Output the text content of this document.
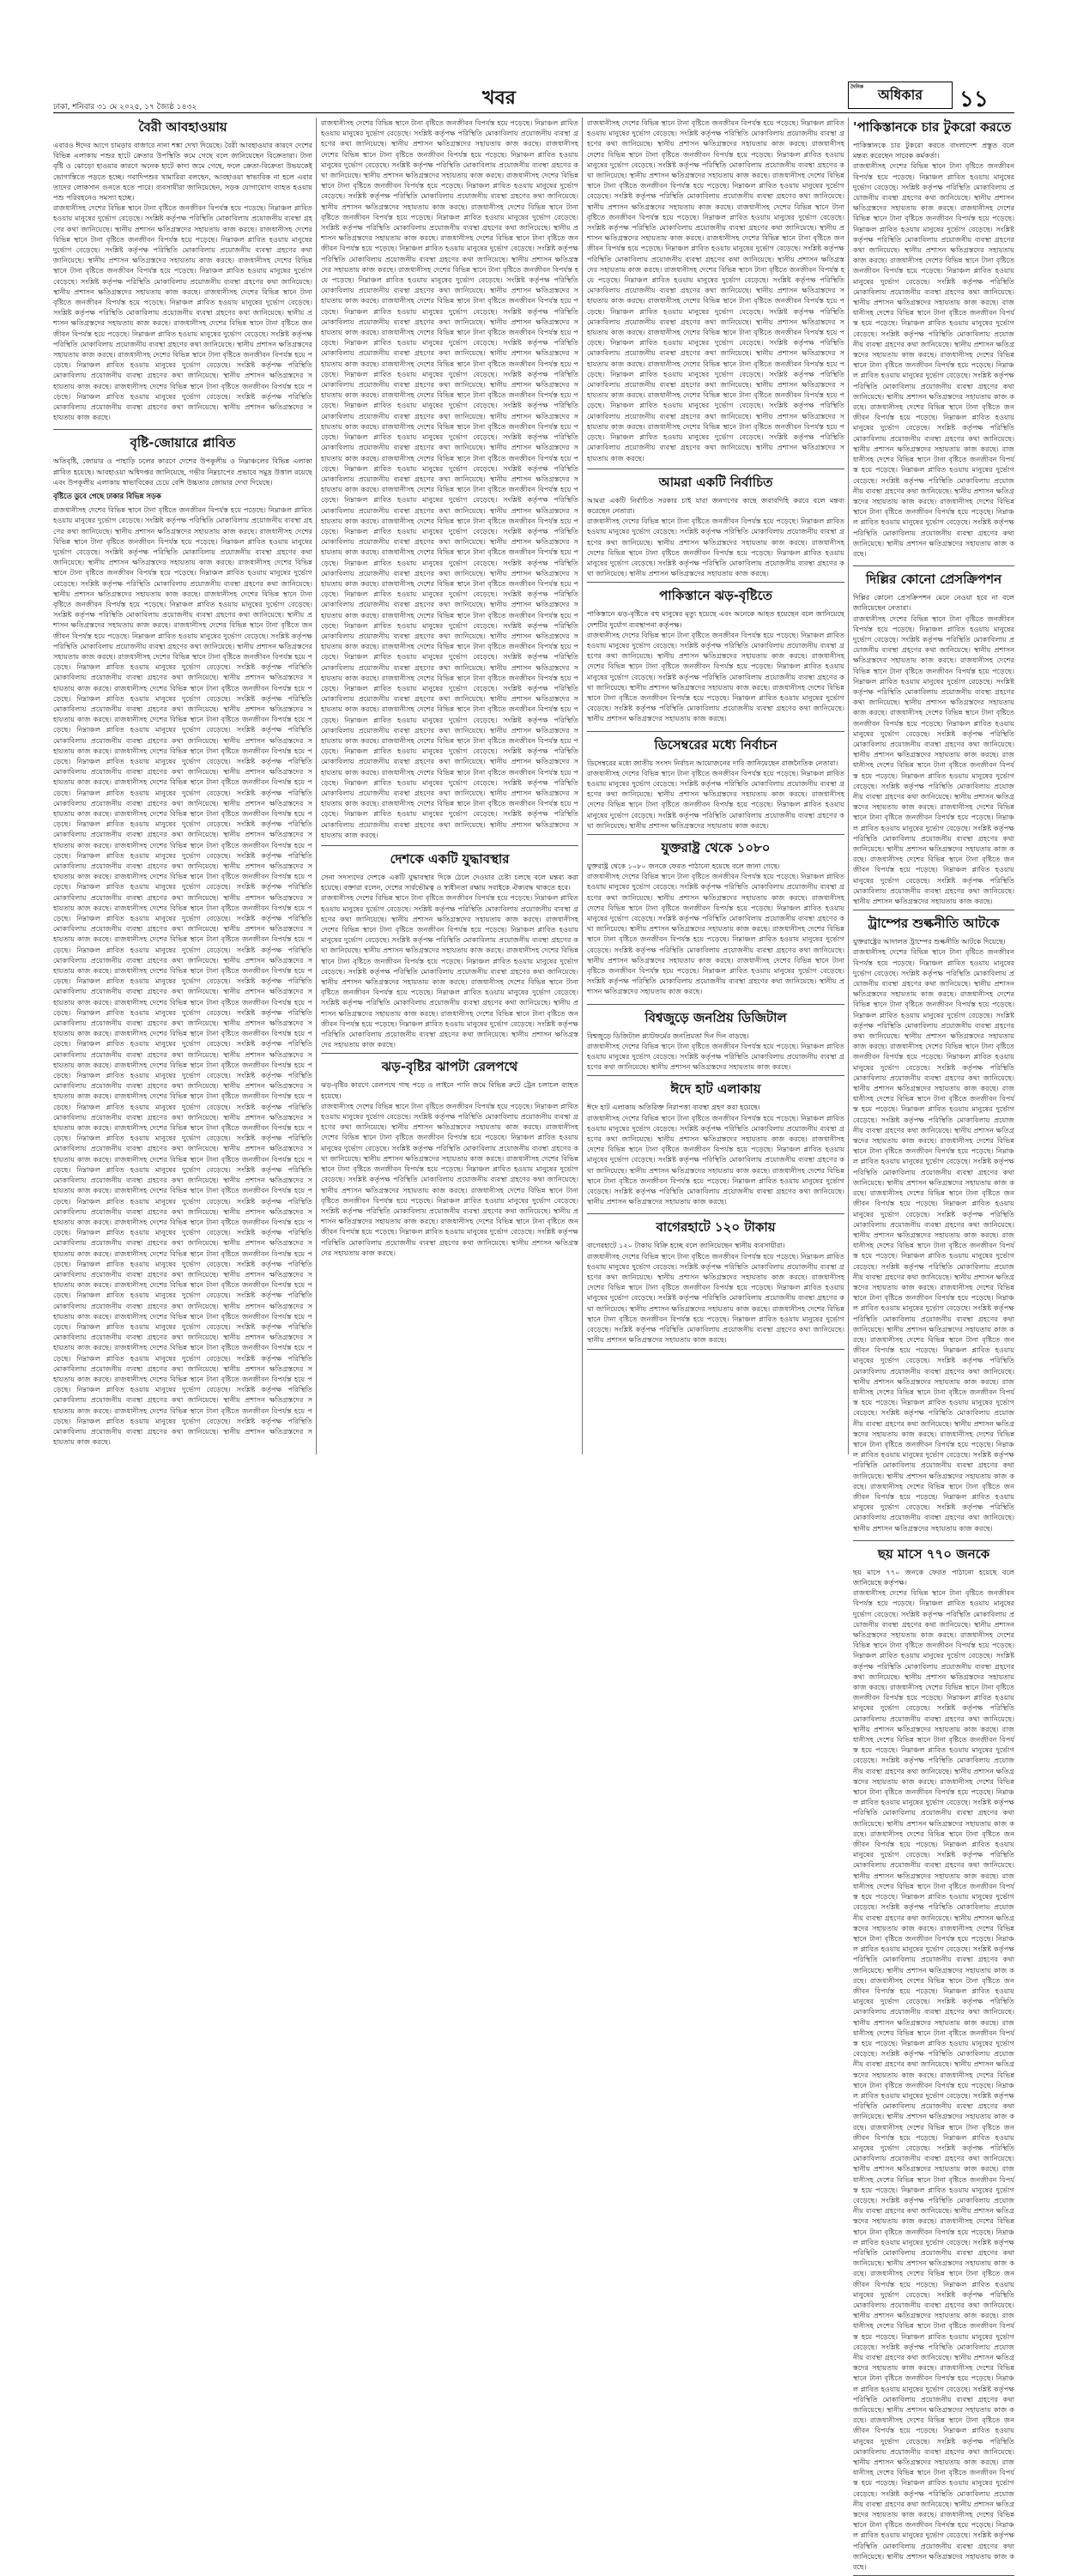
ঢাকা, শনিবার ৩১ মে ২০২৫, ১৭ জ্যৈষ্ঠ ১৪৩২	খবর
দৈনিক অধিকার ১১
বৈরী আবহাওয়ায়

এবারও ঈদের আগে চামড়ার বাজারে নানা শঙ্কা দেখা দিয়েছে। বৈরী আবহাওয়ার কারণে দেশের বিভিন্ন এলাকায় পশুর হাটে ক্রেতার উপস্থিতি কমে গেছে বলে জানিয়েছেন বিক্রেতারা। টানা বৃষ্টি ও ঝোড়ো হাওয়ার কারণে অনেক হাটে কাদা জমে গেছে, ফলে ক্রেতা-বিক্রেতা উভয়কেই ভোগান্তিতে পড়তে হচ্ছে। গবাদিপশুর খামারিরা বলছেন, আবহাওয়া স্বাভাবিক না হলে এবার তাদের লোকসান গুনতে হতে পারে। ব্যবসায়ীরা জানিয়েছেন, সড়ক যোগাযোগ ব্যাহত হওয়ায় পশু পরিবহনেও সমস্যা হচ্ছে।

রাজধানীসহ দেশের বিভিন্ন স্থানে টানা বৃষ্টিতে জনজীবন বিপর্যস্ত হয়ে পড়েছে। নিম্নাঞ্চল প্লাবিত হওয়ায় মানুষের দুর্ভোগ বেড়েছে। সংশ্লিষ্ট কর্তৃপক্ষ পরিস্থিতি মোকাবিলায় প্রয়োজনীয় ব্যবস্থা গ্রহণের কথা জানিয়েছে। স্থানীয় প্রশাসন ক্ষতিগ্রস্তদের সহায়তায় কাজ করছে। রাজধানীসহ দেশের বিভিন্ন স্থানে টানা বৃষ্টিতে জনজীবন বিপর্যস্ত হয়ে পড়েছে। নিম্নাঞ্চল প্লাবিত হওয়ায় মানুষের দুর্ভোগ বেড়েছে। সংশ্লিষ্ট কর্তৃপক্ষ পরিস্থিতি মোকাবিলায় প্রয়োজনীয় ব্যবস্থা গ্রহণের কথা জানিয়েছে। স্থানীয় প্রশাসন ক্ষতিগ্রস্তদের সহায়তায় কাজ করছে। রাজধানীসহ দেশের বিভিন্ন স্থানে টানা বৃষ্টিতে জনজীবন বিপর্যস্ত হয়ে পড়েছে। নিম্নাঞ্চল প্লাবিত হওয়ায় মানুষের দুর্ভোগ বেড়েছে। সংশ্লিষ্ট কর্তৃপক্ষ পরিস্থিতি মোকাবিলায় প্রয়োজনীয় ব্যবস্থা গ্রহণের কথা জানিয়েছে। স্থানীয় প্রশাসন ক্ষতিগ্রস্তদের সহায়তায় কাজ করছে। রাজধানীসহ দেশের বিভিন্ন স্থানে টানা বৃষ্টিতে জনজীবন বিপর্যস্ত হয়ে পড়েছে। নিম্নাঞ্চল প্লাবিত হওয়ায় মানুষের দুর্ভোগ বেড়েছে। সংশ্লিষ্ট কর্তৃপক্ষ পরিস্থিতি মোকাবিলায় প্রয়োজনীয় ব্যবস্থা গ্রহণের কথা জানিয়েছে। স্থানীয় প্রশাসন ক্ষতিগ্রস্তদের সহায়তায় কাজ করছে। রাজধানীসহ দেশের বিভিন্ন স্থানে টানা বৃষ্টিতে জনজীবন বিপর্যস্ত হয়ে পড়েছে। নিম্নাঞ্চল প্লাবিত হওয়ায় মানুষের দুর্ভোগ বেড়েছে। সংশ্লিষ্ট কর্তৃপক্ষ পরিস্থিতি মোকাবিলায় প্রয়োজনীয় ব্যবস্থা গ্রহণের কথা জানিয়েছে। স্থানীয় প্রশাসন ক্ষতিগ্রস্তদের সহায়তায় কাজ করছে। রাজধানীসহ দেশের বিভিন্ন স্থানে টানা বৃষ্টিতে জনজীবন বিপর্যস্ত হয়ে পড়েছে। নিম্নাঞ্চল প্লাবিত হওয়ায় মানুষের দুর্ভোগ বেড়েছে। সংশ্লিষ্ট কর্তৃপক্ষ পরিস্থিতি মোকাবিলায় প্রয়োজনীয় ব্যবস্থা গ্রহণের কথা জানিয়েছে। স্থানীয় প্রশাসন ক্ষতিগ্রস্তদের সহায়তায় কাজ করছে। রাজধানীসহ দেশের বিভিন্ন স্থানে টানা বৃষ্টিতে জনজীবন বিপর্যস্ত হয়ে পড়েছে। নিম্নাঞ্চল প্লাবিত হওয়ায় মানুষের দুর্ভোগ বেড়েছে। সংশ্লিষ্ট কর্তৃপক্ষ পরিস্থিতি মোকাবিলায় প্রয়োজনীয় ব্যবস্থা গ্রহণের কথা জানিয়েছে। স্থানীয় প্রশাসন ক্ষতিগ্রস্তদের সহায়তায় কাজ করছে।
বৃষ্টি-জোয়ারে প্লাবিত

অতিবৃষ্টি, জোয়ার ও পাহাড়ি ঢলের কারণে দেশের উপকূলীয় ও নিম্নাঞ্চলের বিভিন্ন এলাকা প্লাবিত হয়েছে। আবহাওয়া অধিদপ্তর জানিয়েছে, গভীর নিম্নচাপের প্রভাবে সমুদ্র উত্তাল রয়েছে এবং উপকূলীয় এলাকায় স্বাভাবিকের চেয়ে বেশি উচ্চতার জোয়ার দেখা দিয়েছে।

বৃষ্টিতে ডুবে গেছে ঢাকার বিভিন্ন সড়ক
রাজধানীসহ দেশের বিভিন্ন স্থানে টানা বৃষ্টিতে জনজীবন বিপর্যস্ত হয়ে পড়েছে। নিম্নাঞ্চল প্লাবিত হওয়ায় মানুষের দুর্ভোগ বেড়েছে। সংশ্লিষ্ট কর্তৃপক্ষ পরিস্থিতি মোকাবিলায় প্রয়োজনীয় ব্যবস্থা গ্রহণের কথা জানিয়েছে। স্থানীয় প্রশাসন ক্ষতিগ্রস্তদের সহায়তায় কাজ করছে। রাজধানীসহ দেশের বিভিন্ন স্থানে টানা বৃষ্টিতে জনজীবন বিপর্যস্ত হয়ে পড়েছে। নিম্নাঞ্চল প্লাবিত হওয়ায় মানুষের দুর্ভোগ বেড়েছে। সংশ্লিষ্ট কর্তৃপক্ষ পরিস্থিতি মোকাবিলায় প্রয়োজনীয় ব্যবস্থা গ্রহণের কথা জানিয়েছে। স্থানীয় প্রশাসন ক্ষতিগ্রস্তদের সহায়তায় কাজ করছে। রাজধানীসহ দেশের বিভিন্ন স্থানে টানা বৃষ্টিতে জনজীবন বিপর্যস্ত হয়ে পড়েছে। নিম্নাঞ্চল প্লাবিত হওয়ায় মানুষের দুর্ভোগ বেড়েছে। সংশ্লিষ্ট কর্তৃপক্ষ পরিস্থিতি মোকাবিলায় প্রয়োজনীয় ব্যবস্থা গ্রহণের কথা জানিয়েছে। স্থানীয় প্রশাসন ক্ষতিগ্রস্তদের সহায়তায় কাজ করছে। রাজধানীসহ দেশের বিভিন্ন স্থানে টানা বৃষ্টিতে জনজীবন বিপর্যস্ত হয়ে পড়েছে। নিম্নাঞ্চল প্লাবিত হওয়ায় মানুষের দুর্ভোগ বেড়েছে। সংশ্লিষ্ট কর্তৃপক্ষ পরিস্থিতি মোকাবিলায় প্রয়োজনীয় ব্যবস্থা গ্রহণের কথা জানিয়েছে। স্থানীয় প্রশাসন ক্ষতিগ্রস্তদের সহায়তায় কাজ করছে। রাজধানীসহ দেশের বিভিন্ন স্থানে টানা বৃষ্টিতে জনজীবন বিপর্যস্ত হয়ে পড়েছে। নিম্নাঞ্চল প্লাবিত হওয়ায় মানুষের দুর্ভোগ বেড়েছে। সংশ্লিষ্ট কর্তৃপক্ষ পরিস্থিতি মোকাবিলায় প্রয়োজনীয় ব্যবস্থা গ্রহণের কথা জানিয়েছে। স্থানীয় প্রশাসন ক্ষতিগ্রস্তদের সহায়তায় কাজ করছে। রাজধানীসহ দেশের বিভিন্ন স্থানে টানা বৃষ্টিতে জনজীবন বিপর্যস্ত হয়ে পড়েছে। নিম্নাঞ্চল প্লাবিত হওয়ায় মানুষের দুর্ভোগ বেড়েছে। সংশ্লিষ্ট কর্তৃপক্ষ পরিস্থিতি মোকাবিলায় প্রয়োজনীয় ব্যবস্থা গ্রহণের কথা জানিয়েছে। স্থানীয় প্রশাসন ক্ষতিগ্রস্তদের সহায়তায় কাজ করছে। রাজধানীসহ দেশের বিভিন্ন স্থানে টানা বৃষ্টিতে জনজীবন বিপর্যস্ত হয়ে পড়েছে। নিম্নাঞ্চল প্লাবিত হওয়ায় মানুষের দুর্ভোগ বেড়েছে। সংশ্লিষ্ট কর্তৃপক্ষ পরিস্থিতি মোকাবিলায় প্রয়োজনীয় ব্যবস্থা গ্রহণের কথা জানিয়েছে। স্থানীয় প্রশাসন ক্ষতিগ্রস্তদের সহায়তায় কাজ করছে। রাজধানীসহ দেশের বিভিন্ন স্থানে টানা বৃষ্টিতে জনজীবন বিপর্যস্ত হয়ে পড়েছে। নিম্নাঞ্চল প্লাবিত হওয়ায় মানুষের দুর্ভোগ বেড়েছে। সংশ্লিষ্ট কর্তৃপক্ষ পরিস্থিতি মোকাবিলায় প্রয়োজনীয় ব্যবস্থা গ্রহণের কথা জানিয়েছে। স্থানীয় প্রশাসন ক্ষতিগ্রস্তদের সহায়তায় কাজ করছে। রাজধানীসহ দেশের বিভিন্ন স্থানে টানা বৃষ্টিতে জনজীবন বিপর্যস্ত হয়ে পড়েছে। নিম্নাঞ্চল প্লাবিত হওয়ায় মানুষের দুর্ভোগ বেড়েছে। সংশ্লিষ্ট কর্তৃপক্ষ পরিস্থিতি মোকাবিলায় প্রয়োজনীয় ব্যবস্থা গ্রহণের কথা জানিয়েছে। স্থানীয় প্রশাসন ক্ষতিগ্রস্তদের সহায়তায় কাজ করছে। রাজধানীসহ দেশের বিভিন্ন স্থানে টানা বৃষ্টিতে জনজীবন বিপর্যস্ত হয়ে পড়েছে। নিম্নাঞ্চল প্লাবিত হওয়ায় মানুষের দুর্ভোগ বেড়েছে। সংশ্লিষ্ট কর্তৃপক্ষ পরিস্থিতি মোকাবিলায় প্রয়োজনীয় ব্যবস্থা গ্রহণের কথা জানিয়েছে। স্থানীয় প্রশাসন ক্ষতিগ্রস্তদের সহায়তায় কাজ করছে। রাজধানীসহ দেশের বিভিন্ন স্থানে টানা বৃষ্টিতে জনজীবন বিপর্যস্ত হয়ে পড়েছে। নিম্নাঞ্চল প্লাবিত হওয়ায় মানুষের দুর্ভোগ বেড়েছে। সংশ্লিষ্ট কর্তৃপক্ষ পরিস্থিতি মোকাবিলায় প্রয়োজনীয় ব্যবস্থা গ্রহণের কথা জানিয়েছে। স্থানীয় প্রশাসন ক্ষতিগ্রস্তদের সহায়তায় কাজ করছে। রাজধানীসহ দেশের বিভিন্ন স্থানে টানা বৃষ্টিতে জনজীবন বিপর্যস্ত হয়ে পড়েছে। নিম্নাঞ্চল প্লাবিত হওয়ায় মানুষের দুর্ভোগ বেড়েছে। সংশ্লিষ্ট কর্তৃপক্ষ পরিস্থিতি মোকাবিলায় প্রয়োজনীয় ব্যবস্থা গ্রহণের কথা জানিয়েছে। স্থানীয় প্রশাসন ক্ষতিগ্রস্তদের সহায়তায় কাজ করছে। রাজধানীসহ দেশের বিভিন্ন স্থানে টানা বৃষ্টিতে জনজীবন বিপর্যস্ত হয়ে পড়েছে। নিম্নাঞ্চল প্লাবিত হওয়ায় মানুষের দুর্ভোগ বেড়েছে। সংশ্লিষ্ট কর্তৃপক্ষ পরিস্থিতি মোকাবিলায় প্রয়োজনীয় ব্যবস্থা গ্রহণের কথা জানিয়েছে। স্থানীয় প্রশাসন ক্ষতিগ্রস্তদের সহায়তায় কাজ করছে। রাজধানীসহ দেশের বিভিন্ন স্থানে টানা বৃষ্টিতে জনজীবন বিপর্যস্ত হয়ে পড়েছে। নিম্নাঞ্চল প্লাবিত হওয়ায় মানুষের দুর্ভোগ বেড়েছে। সংশ্লিষ্ট কর্তৃপক্ষ পরিস্থিতি মোকাবিলায় প্রয়োজনীয় ব্যবস্থা গ্রহণের কথা জানিয়েছে। স্থানীয় প্রশাসন ক্ষতিগ্রস্তদের সহায়তায় কাজ করছে। রাজধানীসহ দেশের বিভিন্ন স্থানে টানা বৃষ্টিতে জনজীবন বিপর্যস্ত হয়ে পড়েছে। নিম্নাঞ্চল প্লাবিত হওয়ায় মানুষের দুর্ভোগ বেড়েছে। সংশ্লিষ্ট কর্তৃপক্ষ পরিস্থিতি মোকাবিলায় প্রয়োজনীয় ব্যবস্থা গ্রহণের কথা জানিয়েছে। স্থানীয় প্রশাসন ক্ষতিগ্রস্তদের সহায়তায় কাজ করছে। রাজধানীসহ দেশের বিভিন্ন স্থানে টানা বৃষ্টিতে জনজীবন বিপর্যস্ত হয়ে পড়েছে। নিম্নাঞ্চল প্লাবিত হওয়ায় মানুষের দুর্ভোগ বেড়েছে। সংশ্লিষ্ট কর্তৃপক্ষ পরিস্থিতি মোকাবিলায় প্রয়োজনীয় ব্যবস্থা গ্রহণের কথা জানিয়েছে। স্থানীয় প্রশাসন ক্ষতিগ্রস্তদের সহায়তায় কাজ করছে। রাজধানীসহ দেশের বিভিন্ন স্থানে টানা বৃষ্টিতে জনজীবন বিপর্যস্ত হয়ে পড়েছে। নিম্নাঞ্চল প্লাবিত হওয়ায় মানুষের দুর্ভোগ বেড়েছে। সংশ্লিষ্ট কর্তৃপক্ষ পরিস্থিতি মোকাবিলায় প্রয়োজনীয় ব্যবস্থা গ্রহণের কথা জানিয়েছে। স্থানীয় প্রশাসন ক্ষতিগ্রস্তদের সহায়তায় কাজ করছে। রাজধানীসহ দেশের বিভিন্ন স্থানে টানা বৃষ্টিতে জনজীবন বিপর্যস্ত হয়ে পড়েছে। নিম্নাঞ্চল প্লাবিত হওয়ায় মানুষের দুর্ভোগ বেড়েছে। সংশ্লিষ্ট কর্তৃপক্ষ পরিস্থিতি মোকাবিলায় প্রয়োজনীয় ব্যবস্থা গ্রহণের কথা জানিয়েছে। স্থানীয় প্রশাসন ক্ষতিগ্রস্তদের সহায়তায় কাজ করছে। রাজধানীসহ দেশের বিভিন্ন স্থানে টানা বৃষ্টিতে জনজীবন বিপর্যস্ত হয়ে পড়েছে। নিম্নাঞ্চল প্লাবিত হওয়ায় মানুষের দুর্ভোগ বেড়েছে। সংশ্লিষ্ট কর্তৃপক্ষ পরিস্থিতি মোকাবিলায় প্রয়োজনীয় ব্যবস্থা গ্রহণের কথা জানিয়েছে। স্থানীয় প্রশাসন ক্ষতিগ্রস্তদের সহায়তায় কাজ করছে। রাজধানীসহ দেশের বিভিন্ন স্থানে টানা বৃষ্টিতে জনজীবন বিপর্যস্ত হয়ে পড়েছে। নিম্নাঞ্চল প্লাবিত হওয়ায় মানুষের দুর্ভোগ বেড়েছে। সংশ্লিষ্ট কর্তৃপক্ষ পরিস্থিতি মোকাবিলায় প্রয়োজনীয় ব্যবস্থা গ্রহণের কথা জানিয়েছে। স্থানীয় প্রশাসন ক্ষতিগ্রস্তদের সহায়তায় কাজ করছে। রাজধানীসহ দেশের বিভিন্ন স্থানে টানা বৃষ্টিতে জনজীবন বিপর্যস্ত হয়ে পড়েছে। নিম্নাঞ্চল প্লাবিত হওয়ায় মানুষের দুর্ভোগ বেড়েছে। সংশ্লিষ্ট কর্তৃপক্ষ পরিস্থিতি মোকাবিলায় প্রয়োজনীয় ব্যবস্থা গ্রহণের কথা জানিয়েছে। স্থানীয় প্রশাসন ক্ষতিগ্রস্তদের সহায়তায় কাজ করছে। রাজধানীসহ দেশের বিভিন্ন স্থানে টানা বৃষ্টিতে জনজীবন বিপর্যস্ত হয়ে পড়েছে। নিম্নাঞ্চল প্লাবিত হওয়ায় মানুষের দুর্ভোগ বেড়েছে। সংশ্লিষ্ট কর্তৃপক্ষ পরিস্থিতি মোকাবিলায় প্রয়োজনীয় ব্যবস্থা গ্রহণের কথা জানিয়েছে। স্থানীয় প্রশাসন ক্ষতিগ্রস্তদের সহায়তায় কাজ করছে। রাজধানীসহ দেশের বিভিন্ন স্থানে টানা বৃষ্টিতে জনজীবন বিপর্যস্ত হয়ে পড়েছে। নিম্নাঞ্চল প্লাবিত হওয়ায় মানুষের দুর্ভোগ বেড়েছে। সংশ্লিষ্ট কর্তৃপক্ষ পরিস্থিতি মোকাবিলায় প্রয়োজনীয় ব্যবস্থা গ্রহণের কথা জানিয়েছে। স্থানীয় প্রশাসন ক্ষতিগ্রস্তদের সহায়তায় কাজ করছে। রাজধানীসহ দেশের বিভিন্ন স্থানে টানা বৃষ্টিতে জনজীবন বিপর্যস্ত হয়ে পড়েছে। নিম্নাঞ্চল প্লাবিত হওয়ায় মানুষের দুর্ভোগ বেড়েছে। সংশ্লিষ্ট কর্তৃপক্ষ পরিস্থিতি মোকাবিলায় প্রয়োজনীয় ব্যবস্থা গ্রহণের কথা জানিয়েছে। স্থানীয় প্রশাসন ক্ষতিগ্রস্তদের সহায়তায় কাজ করছে। রাজধানীসহ দেশের বিভিন্ন স্থানে টানা বৃষ্টিতে জনজীবন বিপর্যস্ত হয়ে পড়েছে। নিম্নাঞ্চল প্লাবিত হওয়ায় মানুষের দুর্ভোগ বেড়েছে। সংশ্লিষ্ট কর্তৃপক্ষ পরিস্থিতি মোকাবিলায় প্রয়োজনীয় ব্যবস্থা গ্রহণের কথা জানিয়েছে। স্থানীয় প্রশাসন ক্ষতিগ্রস্তদের সহায়তায় কাজ করছে। রাজধানীসহ দেশের বিভিন্ন স্থানে টানা বৃষ্টিতে জনজীবন বিপর্যস্ত হয়ে পড়েছে। নিম্নাঞ্চল প্লাবিত হওয়ায় মানুষের দুর্ভোগ বেড়েছে। সংশ্লিষ্ট কর্তৃপক্ষ পরিস্থিতি মোকাবিলায় প্রয়োজনীয় ব্যবস্থা গ্রহণের কথা জানিয়েছে। স্থানীয় প্রশাসন ক্ষতিগ্রস্তদের সহায়তায় কাজ করছে। রাজধানীসহ দেশের বিভিন্ন স্থানে টানা বৃষ্টিতে জনজীবন বিপর্যস্ত হয়ে পড়েছে। নিম্নাঞ্চল প্লাবিত হওয়ায় মানুষের দুর্ভোগ বেড়েছে। সংশ্লিষ্ট কর্তৃপক্ষ পরিস্থিতি মোকাবিলায় প্রয়োজনীয় ব্যবস্থা গ্রহণের কথা জানিয়েছে। স্থানীয় প্রশাসন ক্ষতিগ্রস্তদের সহায়তায় কাজ করছে। রাজধানীসহ দেশের বিভিন্ন স্থানে টানা বৃষ্টিতে জনজীবন বিপর্যস্ত হয়ে পড়েছে। নিম্নাঞ্চল প্লাবিত হওয়ায় মানুষের দুর্ভোগ বেড়েছে। সংশ্লিষ্ট কর্তৃপক্ষ পরিস্থিতি মোকাবিলায় প্রয়োজনীয় ব্যবস্থা গ্রহণের কথা জানিয়েছে। স্থানীয় প্রশাসন ক্ষতিগ্রস্তদের সহায়তায় কাজ করছে। রাজধানীসহ দেশের বিভিন্ন স্থানে টানা বৃষ্টিতে জনজীবন বিপর্যস্ত হয়ে পড়েছে। নিম্নাঞ্চল প্লাবিত হওয়ায় মানুষের দুর্ভোগ বেড়েছে। সংশ্লিষ্ট কর্তৃপক্ষ পরিস্থিতি মোকাবিলায় প্রয়োজনীয় ব্যবস্থা গ্রহণের কথা জানিয়েছে। স্থানীয় প্রশাসন ক্ষতিগ্রস্তদের সহায়তায় কাজ করছে। রাজধানীসহ দেশের বিভিন্ন স্থানে টানা বৃষ্টিতে জনজীবন বিপর্যস্ত হয়ে পড়েছে। নিম্নাঞ্চল প্লাবিত হওয়ায় মানুষের দুর্ভোগ বেড়েছে। সংশ্লিষ্ট কর্তৃপক্ষ পরিস্থিতি মোকাবিলায় প্রয়োজনীয় ব্যবস্থা গ্রহণের কথা জানিয়েছে। স্থানীয় প্রশাসন ক্ষতিগ্রস্তদের সহায়তায় কাজ করছে।
রাজধানীসহ দেশের বিভিন্ন স্থানে টানা বৃষ্টিতে জনজীবন বিপর্যস্ত হয়ে পড়েছে। নিম্নাঞ্চল প্লাবিত হওয়ায় মানুষের দুর্ভোগ বেড়েছে। সংশ্লিষ্ট কর্তৃপক্ষ পরিস্থিতি মোকাবিলায় প্রয়োজনীয় ব্যবস্থা গ্রহণের কথা জানিয়েছে। স্থানীয় প্রশাসন ক্ষতিগ্রস্তদের সহায়তায় কাজ করছে। রাজধানীসহ দেশের বিভিন্ন স্থানে টানা বৃষ্টিতে জনজীবন বিপর্যস্ত হয়ে পড়েছে। নিম্নাঞ্চল প্লাবিত হওয়ায় মানুষের দুর্ভোগ বেড়েছে। সংশ্লিষ্ট কর্তৃপক্ষ পরিস্থিতি মোকাবিলায় প্রয়োজনীয় ব্যবস্থা গ্রহণের কথা জানিয়েছে। স্থানীয় প্রশাসন ক্ষতিগ্রস্তদের সহায়তায় কাজ করছে। রাজধানীসহ দেশের বিভিন্ন স্থানে টানা বৃষ্টিতে জনজীবন বিপর্যস্ত হয়ে পড়েছে। নিম্নাঞ্চল প্লাবিত হওয়ায় মানুষের দুর্ভোগ বেড়েছে। সংশ্লিষ্ট কর্তৃপক্ষ পরিস্থিতি মোকাবিলায় প্রয়োজনীয় ব্যবস্থা গ্রহণের কথা জানিয়েছে। স্থানীয় প্রশাসন ক্ষতিগ্রস্তদের সহায়তায় কাজ করছে। রাজধানীসহ দেশের বিভিন্ন স্থানে টানা বৃষ্টিতে জনজীবন বিপর্যস্ত হয়ে পড়েছে। নিম্নাঞ্চল প্লাবিত হওয়ায় মানুষের দুর্ভোগ বেড়েছে। সংশ্লিষ্ট কর্তৃপক্ষ পরিস্থিতি মোকাবিলায় প্রয়োজনীয় ব্যবস্থা গ্রহণের কথা জানিয়েছে। স্থানীয় প্রশাসন ক্ষতিগ্রস্তদের সহায়তায় কাজ করছে। রাজধানীসহ দেশের বিভিন্ন স্থানে টানা বৃষ্টিতে জনজীবন বিপর্যস্ত হয়ে পড়েছে। নিম্নাঞ্চল প্লাবিত হওয়ায় মানুষের দুর্ভোগ বেড়েছে। সংশ্লিষ্ট কর্তৃপক্ষ পরিস্থিতি মোকাবিলায় প্রয়োজনীয় ব্যবস্থা গ্রহণের কথা জানিয়েছে। স্থানীয় প্রশাসন ক্ষতিগ্রস্তদের সহায়তায় কাজ করছে। রাজধানীসহ দেশের বিভিন্ন স্থানে টানা বৃষ্টিতে জনজীবন বিপর্যস্ত হয়ে পড়েছে। নিম্নাঞ্চল প্লাবিত হওয়ায় মানুষের দুর্ভোগ বেড়েছে। সংশ্লিষ্ট কর্তৃপক্ষ পরিস্থিতি মোকাবিলায় প্রয়োজনীয় ব্যবস্থা গ্রহণের কথা জানিয়েছে। স্থানীয় প্রশাসন ক্ষতিগ্রস্তদের সহায়তায় কাজ করছে। রাজধানীসহ দেশের বিভিন্ন স্থানে টানা বৃষ্টিতে জনজীবন বিপর্যস্ত হয়ে পড়েছে। নিম্নাঞ্চল প্লাবিত হওয়ায় মানুষের দুর্ভোগ বেড়েছে। সংশ্লিষ্ট কর্তৃপক্ষ পরিস্থিতি মোকাবিলায় প্রয়োজনীয় ব্যবস্থা গ্রহণের কথা জানিয়েছে। স্থানীয় প্রশাসন ক্ষতিগ্রস্তদের সহায়তায় কাজ করছে। রাজধানীসহ দেশের বিভিন্ন স্থানে টানা বৃষ্টিতে জনজীবন বিপর্যস্ত হয়ে পড়েছে। নিম্নাঞ্চল প্লাবিত হওয়ায় মানুষের দুর্ভোগ বেড়েছে। সংশ্লিষ্ট কর্তৃপক্ষ পরিস্থিতি মোকাবিলায় প্রয়োজনীয় ব্যবস্থা গ্রহণের কথা জানিয়েছে। স্থানীয় প্রশাসন ক্ষতিগ্রস্তদের সহায়তায় কাজ করছে। রাজধানীসহ দেশের বিভিন্ন স্থানে টানা বৃষ্টিতে জনজীবন বিপর্যস্ত হয়ে পড়েছে। নিম্নাঞ্চল প্লাবিত হওয়ায় মানুষের দুর্ভোগ বেড়েছে। সংশ্লিষ্ট কর্তৃপক্ষ পরিস্থিতি মোকাবিলায় প্রয়োজনীয় ব্যবস্থা গ্রহণের কথা জানিয়েছে। স্থানীয় প্রশাসন ক্ষতিগ্রস্তদের সহায়তায় কাজ করছে। রাজধানীসহ দেশের বিভিন্ন স্থানে টানা বৃষ্টিতে জনজীবন বিপর্যস্ত হয়ে পড়েছে। নিম্নাঞ্চল প্লাবিত হওয়ায় মানুষের দুর্ভোগ বেড়েছে। সংশ্লিষ্ট কর্তৃপক্ষ পরিস্থিতি মোকাবিলায় প্রয়োজনীয় ব্যবস্থা গ্রহণের কথা জানিয়েছে। স্থানীয় প্রশাসন ক্ষতিগ্রস্তদের সহায়তায় কাজ করছে। রাজধানীসহ দেশের বিভিন্ন স্থানে টানা বৃষ্টিতে জনজীবন বিপর্যস্ত হয়ে পড়েছে। নিম্নাঞ্চল প্লাবিত হওয়ায় মানুষের দুর্ভোগ বেড়েছে। সংশ্লিষ্ট কর্তৃপক্ষ পরিস্থিতি মোকাবিলায় প্রয়োজনীয় ব্যবস্থা গ্রহণের কথা জানিয়েছে। স্থানীয় প্রশাসন ক্ষতিগ্রস্তদের সহায়তায় কাজ করছে। রাজধানীসহ দেশের বিভিন্ন স্থানে টানা বৃষ্টিতে জনজীবন বিপর্যস্ত হয়ে পড়েছে। নিম্নাঞ্চল প্লাবিত হওয়ায় মানুষের দুর্ভোগ বেড়েছে। সংশ্লিষ্ট কর্তৃপক্ষ পরিস্থিতি মোকাবিলায় প্রয়োজনীয় ব্যবস্থা গ্রহণের কথা জানিয়েছে। স্থানীয় প্রশাসন ক্ষতিগ্রস্তদের সহায়তায় কাজ করছে। রাজধানীসহ দেশের বিভিন্ন স্থানে টানা বৃষ্টিতে জনজীবন বিপর্যস্ত হয়ে পড়েছে। নিম্নাঞ্চল প্লাবিত হওয়ায় মানুষের দুর্ভোগ বেড়েছে। সংশ্লিষ্ট কর্তৃপক্ষ পরিস্থিতি মোকাবিলায় প্রয়োজনীয় ব্যবস্থা গ্রহণের কথা জানিয়েছে। স্থানীয় প্রশাসন ক্ষতিগ্রস্তদের সহায়তায় কাজ করছে। রাজধানীসহ দেশের বিভিন্ন স্থানে টানা বৃষ্টিতে জনজীবন বিপর্যস্ত হয়ে পড়েছে। নিম্নাঞ্চল প্লাবিত হওয়ায় মানুষের দুর্ভোগ বেড়েছে। সংশ্লিষ্ট কর্তৃপক্ষ পরিস্থিতি মোকাবিলায় প্রয়োজনীয় ব্যবস্থা গ্রহণের কথা জানিয়েছে। স্থানীয় প্রশাসন ক্ষতিগ্রস্তদের সহায়তায় কাজ করছে। রাজধানীসহ দেশের বিভিন্ন স্থানে টানা বৃষ্টিতে জনজীবন বিপর্যস্ত হয়ে পড়েছে। নিম্নাঞ্চল প্লাবিত হওয়ায় মানুষের দুর্ভোগ বেড়েছে। সংশ্লিষ্ট কর্তৃপক্ষ পরিস্থিতি মোকাবিলায় প্রয়োজনীয় ব্যবস্থা গ্রহণের কথা জানিয়েছে। স্থানীয় প্রশাসন ক্ষতিগ্রস্তদের সহায়তায় কাজ করছে। রাজধানীসহ দেশের বিভিন্ন স্থানে টানা বৃষ্টিতে জনজীবন বিপর্যস্ত হয়ে পড়েছে। নিম্নাঞ্চল প্লাবিত হওয়ায় মানুষের দুর্ভোগ বেড়েছে। সংশ্লিষ্ট কর্তৃপক্ষ পরিস্থিতি মোকাবিলায় প্রয়োজনীয় ব্যবস্থা গ্রহণের কথা জানিয়েছে। স্থানীয় প্রশাসন ক্ষতিগ্রস্তদের সহায়তায় কাজ করছে। রাজধানীসহ দেশের বিভিন্ন স্থানে টানা বৃষ্টিতে জনজীবন বিপর্যস্ত হয়ে পড়েছে। নিম্নাঞ্চল প্লাবিত হওয়ায় মানুষের দুর্ভোগ বেড়েছে। সংশ্লিষ্ট কর্তৃপক্ষ পরিস্থিতি মোকাবিলায় প্রয়োজনীয় ব্যবস্থা গ্রহণের কথা জানিয়েছে। স্থানীয় প্রশাসন ক্ষতিগ্রস্তদের সহায়তায় কাজ করছে। রাজধানীসহ দেশের বিভিন্ন স্থানে টানা বৃষ্টিতে জনজীবন বিপর্যস্ত হয়ে পড়েছে। নিম্নাঞ্চল প্লাবিত হওয়ায় মানুষের দুর্ভোগ বেড়েছে। সংশ্লিষ্ট কর্তৃপক্ষ পরিস্থিতি মোকাবিলায় প্রয়োজনীয় ব্যবস্থা গ্রহণের কথা জানিয়েছে। স্থানীয় প্রশাসন ক্ষতিগ্রস্তদের সহায়তায় কাজ করছে। রাজধানীসহ দেশের বিভিন্ন স্থানে টানা বৃষ্টিতে জনজীবন বিপর্যস্ত হয়ে পড়েছে। নিম্নাঞ্চল প্লাবিত হওয়ায় মানুষের দুর্ভোগ বেড়েছে। সংশ্লিষ্ট কর্তৃপক্ষ পরিস্থিতি মোকাবিলায় প্রয়োজনীয় ব্যবস্থা গ্রহণের কথা জানিয়েছে। স্থানীয় প্রশাসন ক্ষতিগ্রস্তদের সহায়তায় কাজ করছে। রাজধানীসহ দেশের বিভিন্ন স্থানে টানা বৃষ্টিতে জনজীবন বিপর্যস্ত হয়ে পড়েছে। নিম্নাঞ্চল প্লাবিত হওয়ায় মানুষের দুর্ভোগ বেড়েছে। সংশ্লিষ্ট কর্তৃপক্ষ পরিস্থিতি মোকাবিলায় প্রয়োজনীয় ব্যবস্থা গ্রহণের কথা জানিয়েছে। স্থানীয় প্রশাসন ক্ষতিগ্রস্তদের সহায়তায় কাজ করছে। রাজধানীসহ দেশের বিভিন্ন স্থানে টানা বৃষ্টিতে জনজীবন বিপর্যস্ত হয়ে পড়েছে। নিম্নাঞ্চল প্লাবিত হওয়ায় মানুষের দুর্ভোগ বেড়েছে। সংশ্লিষ্ট কর্তৃপক্ষ পরিস্থিতি মোকাবিলায় প্রয়োজনীয় ব্যবস্থা গ্রহণের কথা জানিয়েছে। স্থানীয় প্রশাসন ক্ষতিগ্রস্তদের সহায়তায় কাজ করছে। রাজধানীসহ দেশের বিভিন্ন স্থানে টানা বৃষ্টিতে জনজীবন বিপর্যস্ত হয়ে পড়েছে। নিম্নাঞ্চল প্লাবিত হওয়ায় মানুষের দুর্ভোগ বেড়েছে। সংশ্লিষ্ট কর্তৃপক্ষ পরিস্থিতি মোকাবিলায় প্রয়োজনীয় ব্যবস্থা গ্রহণের কথা জানিয়েছে। স্থানীয় প্রশাসন ক্ষতিগ্রস্তদের সহায়তায় কাজ করছে। রাজধানীসহ দেশের বিভিন্ন স্থানে টানা বৃষ্টিতে জনজীবন বিপর্যস্ত হয়ে পড়েছে। নিম্নাঞ্চল প্লাবিত হওয়ায় মানুষের দুর্ভোগ বেড়েছে। সংশ্লিষ্ট কর্তৃপক্ষ পরিস্থিতি মোকাবিলায় প্রয়োজনীয় ব্যবস্থা গ্রহণের কথা জানিয়েছে। স্থানীয় প্রশাসন ক্ষতিগ্রস্তদের সহায়তায় কাজ করছে।
দেশকে একটি যুদ্ধাবস্থার

সেনা সদস্যদের দেশকে একটি যুদ্ধাবস্থার দিকে ঠেলে দেওয়ার চেষ্টা চলছে বলে মন্তব্য করা হয়েছে। বক্তারা বলেন, দেশের সার্বভৌমত্ব ও স্বাধীনতা রক্ষায় সবাইকে ঐক্যবদ্ধ থাকতে হবে।

রাজধানীসহ দেশের বিভিন্ন স্থানে টানা বৃষ্টিতে জনজীবন বিপর্যস্ত হয়ে পড়েছে। নিম্নাঞ্চল প্লাবিত হওয়ায় মানুষের দুর্ভোগ বেড়েছে। সংশ্লিষ্ট কর্তৃপক্ষ পরিস্থিতি মোকাবিলায় প্রয়োজনীয় ব্যবস্থা গ্রহণের কথা জানিয়েছে। স্থানীয় প্রশাসন ক্ষতিগ্রস্তদের সহায়তায় কাজ করছে। রাজধানীসহ দেশের বিভিন্ন স্থানে টানা বৃষ্টিতে জনজীবন বিপর্যস্ত হয়ে পড়েছে। নিম্নাঞ্চল প্লাবিত হওয়ায় মানুষের দুর্ভোগ বেড়েছে। সংশ্লিষ্ট কর্তৃপক্ষ পরিস্থিতি মোকাবিলায় প্রয়োজনীয় ব্যবস্থা গ্রহণের কথা জানিয়েছে। স্থানীয় প্রশাসন ক্ষতিগ্রস্তদের সহায়তায় কাজ করছে। রাজধানীসহ দেশের বিভিন্ন স্থানে টানা বৃষ্টিতে জনজীবন বিপর্যস্ত হয়ে পড়েছে। নিম্নাঞ্চল প্লাবিত হওয়ায় মানুষের দুর্ভোগ বেড়েছে। সংশ্লিষ্ট কর্তৃপক্ষ পরিস্থিতি মোকাবিলায় প্রয়োজনীয় ব্যবস্থা গ্রহণের কথা জানিয়েছে। স্থানীয় প্রশাসন ক্ষতিগ্রস্তদের সহায়তায় কাজ করছে। রাজধানীসহ দেশের বিভিন্ন স্থানে টানা বৃষ্টিতে জনজীবন বিপর্যস্ত হয়ে পড়েছে। নিম্নাঞ্চল প্লাবিত হওয়ায় মানুষের দুর্ভোগ বেড়েছে। সংশ্লিষ্ট কর্তৃপক্ষ পরিস্থিতি মোকাবিলায় প্রয়োজনীয় ব্যবস্থা গ্রহণের কথা জানিয়েছে। স্থানীয় প্রশাসন ক্ষতিগ্রস্তদের সহায়তায় কাজ করছে। রাজধানীসহ দেশের বিভিন্ন স্থানে টানা বৃষ্টিতে জনজীবন বিপর্যস্ত হয়ে পড়েছে। নিম্নাঞ্চল প্লাবিত হওয়ায় মানুষের দুর্ভোগ বেড়েছে। সংশ্লিষ্ট কর্তৃপক্ষ পরিস্থিতি মোকাবিলায় প্রয়োজনীয় ব্যবস্থা গ্রহণের কথা জানিয়েছে। স্থানীয় প্রশাসন ক্ষতিগ্রস্তদের সহায়তায় কাজ করছে।
ঝড়-বৃষ্টির ঝাপটা রেলপথে

ঝড়-বৃষ্টির কারণে রেলপথে গাছ পড়ে ও লাইনে পানি জমে বিভিন্ন রুটে ট্রেন চলাচল ব্যাহত হয়েছে।

রাজধানীসহ দেশের বিভিন্ন স্থানে টানা বৃষ্টিতে জনজীবন বিপর্যস্ত হয়ে পড়েছে। নিম্নাঞ্চল প্লাবিত হওয়ায় মানুষের দুর্ভোগ বেড়েছে। সংশ্লিষ্ট কর্তৃপক্ষ পরিস্থিতি মোকাবিলায় প্রয়োজনীয় ব্যবস্থা গ্রহণের কথা জানিয়েছে। স্থানীয় প্রশাসন ক্ষতিগ্রস্তদের সহায়তায় কাজ করছে। রাজধানীসহ দেশের বিভিন্ন স্থানে টানা বৃষ্টিতে জনজীবন বিপর্যস্ত হয়ে পড়েছে। নিম্নাঞ্চল প্লাবিত হওয়ায় মানুষের দুর্ভোগ বেড়েছে। সংশ্লিষ্ট কর্তৃপক্ষ পরিস্থিতি মোকাবিলায় প্রয়োজনীয় ব্যবস্থা গ্রহণের কথা জানিয়েছে। স্থানীয় প্রশাসন ক্ষতিগ্রস্তদের সহায়তায় কাজ করছে। রাজধানীসহ দেশের বিভিন্ন স্থানে টানা বৃষ্টিতে জনজীবন বিপর্যস্ত হয়ে পড়েছে। নিম্নাঞ্চল প্লাবিত হওয়ায় মানুষের দুর্ভোগ বেড়েছে। সংশ্লিষ্ট কর্তৃপক্ষ পরিস্থিতি মোকাবিলায় প্রয়োজনীয় ব্যবস্থা গ্রহণের কথা জানিয়েছে। স্থানীয় প্রশাসন ক্ষতিগ্রস্তদের সহায়তায় কাজ করছে। রাজধানীসহ দেশের বিভিন্ন স্থানে টানা বৃষ্টিতে জনজীবন বিপর্যস্ত হয়ে পড়েছে। নিম্নাঞ্চল প্লাবিত হওয়ায় মানুষের দুর্ভোগ বেড়েছে। সংশ্লিষ্ট কর্তৃপক্ষ পরিস্থিতি মোকাবিলায় প্রয়োজনীয় ব্যবস্থা গ্রহণের কথা জানিয়েছে। স্থানীয় প্রশাসন ক্ষতিগ্রস্তদের সহায়তায় কাজ করছে। রাজধানীসহ দেশের বিভিন্ন স্থানে টানা বৃষ্টিতে জনজীবন বিপর্যস্ত হয়ে পড়েছে। নিম্নাঞ্চল প্লাবিত হওয়ায় মানুষের দুর্ভোগ বেড়েছে। সংশ্লিষ্ট কর্তৃপক্ষ পরিস্থিতি মোকাবিলায় প্রয়োজনীয় ব্যবস্থা গ্রহণের কথা জানিয়েছে। স্থানীয় প্রশাসন ক্ষতিগ্রস্তদের সহায়তায় কাজ করছে।
রাজধানীসহ দেশের বিভিন্ন স্থানে টানা বৃষ্টিতে জনজীবন বিপর্যস্ত হয়ে পড়েছে। নিম্নাঞ্চল প্লাবিত হওয়ায় মানুষের দুর্ভোগ বেড়েছে। সংশ্লিষ্ট কর্তৃপক্ষ পরিস্থিতি মোকাবিলায় প্রয়োজনীয় ব্যবস্থা গ্রহণের কথা জানিয়েছে। স্থানীয় প্রশাসন ক্ষতিগ্রস্তদের সহায়তায় কাজ করছে। রাজধানীসহ দেশের বিভিন্ন স্থানে টানা বৃষ্টিতে জনজীবন বিপর্যস্ত হয়ে পড়েছে। নিম্নাঞ্চল প্লাবিত হওয়ায় মানুষের দুর্ভোগ বেড়েছে। সংশ্লিষ্ট কর্তৃপক্ষ পরিস্থিতি মোকাবিলায় প্রয়োজনীয় ব্যবস্থা গ্রহণের কথা জানিয়েছে। স্থানীয় প্রশাসন ক্ষতিগ্রস্তদের সহায়তায় কাজ করছে। রাজধানীসহ দেশের বিভিন্ন স্থানে টানা বৃষ্টিতে জনজীবন বিপর্যস্ত হয়ে পড়েছে। নিম্নাঞ্চল প্লাবিত হওয়ায় মানুষের দুর্ভোগ বেড়েছে। সংশ্লিষ্ট কর্তৃপক্ষ পরিস্থিতি মোকাবিলায় প্রয়োজনীয় ব্যবস্থা গ্রহণের কথা জানিয়েছে। স্থানীয় প্রশাসন ক্ষতিগ্রস্তদের সহায়তায় কাজ করছে। রাজধানীসহ দেশের বিভিন্ন স্থানে টানা বৃষ্টিতে জনজীবন বিপর্যস্ত হয়ে পড়েছে। নিম্নাঞ্চল প্লাবিত হওয়ায় মানুষের দুর্ভোগ বেড়েছে। সংশ্লিষ্ট কর্তৃপক্ষ পরিস্থিতি মোকাবিলায় প্রয়োজনীয় ব্যবস্থা গ্রহণের কথা জানিয়েছে। স্থানীয় প্রশাসন ক্ষতিগ্রস্তদের সহায়তায় কাজ করছে। রাজধানীসহ দেশের বিভিন্ন স্থানে টানা বৃষ্টিতে জনজীবন বিপর্যস্ত হয়ে পড়েছে। নিম্নাঞ্চল প্লাবিত হওয়ায় মানুষের দুর্ভোগ বেড়েছে। সংশ্লিষ্ট কর্তৃপক্ষ পরিস্থিতি মোকাবিলায় প্রয়োজনীয় ব্যবস্থা গ্রহণের কথা জানিয়েছে। স্থানীয় প্রশাসন ক্ষতিগ্রস্তদের সহায়তায় কাজ করছে। রাজধানীসহ দেশের বিভিন্ন স্থানে টানা বৃষ্টিতে জনজীবন বিপর্যস্ত হয়ে পড়েছে। নিম্নাঞ্চল প্লাবিত হওয়ায় মানুষের দুর্ভোগ বেড়েছে। সংশ্লিষ্ট কর্তৃপক্ষ পরিস্থিতি মোকাবিলায় প্রয়োজনীয় ব্যবস্থা গ্রহণের কথা জানিয়েছে। স্থানীয় প্রশাসন ক্ষতিগ্রস্তদের সহায়তায় কাজ করছে। রাজধানীসহ দেশের বিভিন্ন স্থানে টানা বৃষ্টিতে জনজীবন বিপর্যস্ত হয়ে পড়েছে। নিম্নাঞ্চল প্লাবিত হওয়ায় মানুষের দুর্ভোগ বেড়েছে। সংশ্লিষ্ট কর্তৃপক্ষ পরিস্থিতি মোকাবিলায় প্রয়োজনীয় ব্যবস্থা গ্রহণের কথা জানিয়েছে। স্থানীয় প্রশাসন ক্ষতিগ্রস্তদের সহায়তায় কাজ করছে। রাজধানীসহ দেশের বিভিন্ন স্থানে টানা বৃষ্টিতে জনজীবন বিপর্যস্ত হয়ে পড়েছে। নিম্নাঞ্চল প্লাবিত হওয়ায় মানুষের দুর্ভোগ বেড়েছে। সংশ্লিষ্ট কর্তৃপক্ষ পরিস্থিতি মোকাবিলায় প্রয়োজনীয় ব্যবস্থা গ্রহণের কথা জানিয়েছে। স্থানীয় প্রশাসন ক্ষতিগ্রস্তদের সহায়তায় কাজ করছে। রাজধানীসহ দেশের বিভিন্ন স্থানে টানা বৃষ্টিতে জনজীবন বিপর্যস্ত হয়ে পড়েছে। নিম্নাঞ্চল প্লাবিত হওয়ায় মানুষের দুর্ভোগ বেড়েছে। সংশ্লিষ্ট কর্তৃপক্ষ পরিস্থিতি মোকাবিলায় প্রয়োজনীয় ব্যবস্থা গ্রহণের কথা জানিয়েছে। স্থানীয় প্রশাসন ক্ষতিগ্রস্তদের সহায়তায় কাজ করছে। রাজধানীসহ দেশের বিভিন্ন স্থানে টানা বৃষ্টিতে জনজীবন বিপর্যস্ত হয়ে পড়েছে। নিম্নাঞ্চল প্লাবিত হওয়ায় মানুষের দুর্ভোগ বেড়েছে। সংশ্লিষ্ট কর্তৃপক্ষ পরিস্থিতি মোকাবিলায় প্রয়োজনীয় ব্যবস্থা গ্রহণের কথা জানিয়েছে। স্থানীয় প্রশাসন ক্ষতিগ্রস্তদের সহায়তায় কাজ করছে। রাজধানীসহ দেশের বিভিন্ন স্থানে টানা বৃষ্টিতে জনজীবন বিপর্যস্ত হয়ে পড়েছে। নিম্নাঞ্চল প্লাবিত হওয়ায় মানুষের দুর্ভোগ বেড়েছে। সংশ্লিষ্ট কর্তৃপক্ষ পরিস্থিতি মোকাবিলায় প্রয়োজনীয় ব্যবস্থা গ্রহণের কথা জানিয়েছে। স্থানীয় প্রশাসন ক্ষতিগ্রস্তদের সহায়তায় কাজ করছে।
আমরা একটি নির্বাচিত

আমরা একটি নির্বাচিত সরকার চাই যারা জনগণের কাছে জবাবদিহি করবে বলে মন্তব্য করেছেন নেতারা।

রাজধানীসহ দেশের বিভিন্ন স্থানে টানা বৃষ্টিতে জনজীবন বিপর্যস্ত হয়ে পড়েছে। নিম্নাঞ্চল প্লাবিত হওয়ায় মানুষের দুর্ভোগ বেড়েছে। সংশ্লিষ্ট কর্তৃপক্ষ পরিস্থিতি মোকাবিলায় প্রয়োজনীয় ব্যবস্থা গ্রহণের কথা জানিয়েছে। স্থানীয় প্রশাসন ক্ষতিগ্রস্তদের সহায়তায় কাজ করছে। রাজধানীসহ দেশের বিভিন্ন স্থানে টানা বৃষ্টিতে জনজীবন বিপর্যস্ত হয়ে পড়েছে। নিম্নাঞ্চল প্লাবিত হওয়ায় মানুষের দুর্ভোগ বেড়েছে। সংশ্লিষ্ট কর্তৃপক্ষ পরিস্থিতি মোকাবিলায় প্রয়োজনীয় ব্যবস্থা গ্রহণের কথা জানিয়েছে। স্থানীয় প্রশাসন ক্ষতিগ্রস্তদের সহায়তায় কাজ করছে।
পাকিস্তানে ঝড়-বৃষ্টিতে

পাকিস্তানে ঝড়-বৃষ্টিতে বহু মানুষের মৃত্যু হয়েছে এবং অনেকে আহত হয়েছেন বলে জানিয়েছে দেশটির দুর্যোগ ব্যবস্থাপনা কর্তৃপক্ষ।

রাজধানীসহ দেশের বিভিন্ন স্থানে টানা বৃষ্টিতে জনজীবন বিপর্যস্ত হয়ে পড়েছে। নিম্নাঞ্চল প্লাবিত হওয়ায় মানুষের দুর্ভোগ বেড়েছে। সংশ্লিষ্ট কর্তৃপক্ষ পরিস্থিতি মোকাবিলায় প্রয়োজনীয় ব্যবস্থা গ্রহণের কথা জানিয়েছে। স্থানীয় প্রশাসন ক্ষতিগ্রস্তদের সহায়তায় কাজ করছে। রাজধানীসহ দেশের বিভিন্ন স্থানে টানা বৃষ্টিতে জনজীবন বিপর্যস্ত হয়ে পড়েছে। নিম্নাঞ্চল প্লাবিত হওয়ায় মানুষের দুর্ভোগ বেড়েছে। সংশ্লিষ্ট কর্তৃপক্ষ পরিস্থিতি মোকাবিলায় প্রয়োজনীয় ব্যবস্থা গ্রহণের কথা জানিয়েছে। স্থানীয় প্রশাসন ক্ষতিগ্রস্তদের সহায়তায় কাজ করছে। রাজধানীসহ দেশের বিভিন্ন স্থানে টানা বৃষ্টিতে জনজীবন বিপর্যস্ত হয়ে পড়েছে। নিম্নাঞ্চল প্লাবিত হওয়ায় মানুষের দুর্ভোগ বেড়েছে। সংশ্লিষ্ট কর্তৃপক্ষ পরিস্থিতি মোকাবিলায় প্রয়োজনীয় ব্যবস্থা গ্রহণের কথা জানিয়েছে। স্থানীয় প্রশাসন ক্ষতিগ্রস্তদের সহায়তায় কাজ করছে।
ডিসেম্বরের মধ্যে নির্বাচন

ডিসেম্বরের মধ্যে জাতীয় সংসদ নির্বাচন আয়োজনের দাবি জানিয়েছেন রাজনৈতিক নেতারা।

রাজধানীসহ দেশের বিভিন্ন স্থানে টানা বৃষ্টিতে জনজীবন বিপর্যস্ত হয়ে পড়েছে। নিম্নাঞ্চল প্লাবিত হওয়ায় মানুষের দুর্ভোগ বেড়েছে। সংশ্লিষ্ট কর্তৃপক্ষ পরিস্থিতি মোকাবিলায় প্রয়োজনীয় ব্যবস্থা গ্রহণের কথা জানিয়েছে। স্থানীয় প্রশাসন ক্ষতিগ্রস্তদের সহায়তায় কাজ করছে। রাজধানীসহ দেশের বিভিন্ন স্থানে টানা বৃষ্টিতে জনজীবন বিপর্যস্ত হয়ে পড়েছে। নিম্নাঞ্চল প্লাবিত হওয়ায় মানুষের দুর্ভোগ বেড়েছে। সংশ্লিষ্ট কর্তৃপক্ষ পরিস্থিতি মোকাবিলায় প্রয়োজনীয় ব্যবস্থা গ্রহণের কথা জানিয়েছে। স্থানীয় প্রশাসন ক্ষতিগ্রস্তদের সহায়তায় কাজ করছে।
যুক্তরাষ্ট্র থেকে ১০৮০

যুক্তরাষ্ট্র থেকে ১০৮০ জনকে ফেরত পাঠানো হয়েছে বলে জানা গেছে।

রাজধানীসহ দেশের বিভিন্ন স্থানে টানা বৃষ্টিতে জনজীবন বিপর্যস্ত হয়ে পড়েছে। নিম্নাঞ্চল প্লাবিত হওয়ায় মানুষের দুর্ভোগ বেড়েছে। সংশ্লিষ্ট কর্তৃপক্ষ পরিস্থিতি মোকাবিলায় প্রয়োজনীয় ব্যবস্থা গ্রহণের কথা জানিয়েছে। স্থানীয় প্রশাসন ক্ষতিগ্রস্তদের সহায়তায় কাজ করছে। রাজধানীসহ দেশের বিভিন্ন স্থানে টানা বৃষ্টিতে জনজীবন বিপর্যস্ত হয়ে পড়েছে। নিম্নাঞ্চল প্লাবিত হওয়ায় মানুষের দুর্ভোগ বেড়েছে। সংশ্লিষ্ট কর্তৃপক্ষ পরিস্থিতি মোকাবিলায় প্রয়োজনীয় ব্যবস্থা গ্রহণের কথা জানিয়েছে। স্থানীয় প্রশাসন ক্ষতিগ্রস্তদের সহায়তায় কাজ করছে। রাজধানীসহ দেশের বিভিন্ন স্থানে টানা বৃষ্টিতে জনজীবন বিপর্যস্ত হয়ে পড়েছে। নিম্নাঞ্চল প্লাবিত হওয়ায় মানুষের দুর্ভোগ বেড়েছে। সংশ্লিষ্ট কর্তৃপক্ষ পরিস্থিতি মোকাবিলায় প্রয়োজনীয় ব্যবস্থা গ্রহণের কথা জানিয়েছে। স্থানীয় প্রশাসন ক্ষতিগ্রস্তদের সহায়তায় কাজ করছে। রাজধানীসহ দেশের বিভিন্ন স্থানে টানা বৃষ্টিতে জনজীবন বিপর্যস্ত হয়ে পড়েছে। নিম্নাঞ্চল প্লাবিত হওয়ায় মানুষের দুর্ভোগ বেড়েছে। সংশ্লিষ্ট কর্তৃপক্ষ পরিস্থিতি মোকাবিলায় প্রয়োজনীয় ব্যবস্থা গ্রহণের কথা জানিয়েছে। স্থানীয় প্রশাসন ক্ষতিগ্রস্তদের সহায়তায় কাজ করছে।
বিশ্বজুড়ে জনপ্রিয় ডিজিটাল

বিশ্বজুড়ে ডিজিটাল প্ল্যাটফর্মের জনপ্রিয়তা দিন দিন বাড়ছে।

রাজধানীসহ দেশের বিভিন্ন স্থানে টানা বৃষ্টিতে জনজীবন বিপর্যস্ত হয়ে পড়েছে। নিম্নাঞ্চল প্লাবিত হওয়ায় মানুষের দুর্ভোগ বেড়েছে। সংশ্লিষ্ট কর্তৃপক্ষ পরিস্থিতি মোকাবিলায় প্রয়োজনীয় ব্যবস্থা গ্রহণের কথা জানিয়েছে। স্থানীয় প্রশাসন ক্ষতিগ্রস্তদের সহায়তায় কাজ করছে।
ঈদে হাট এলাকায়

ঈদে হাট এলাকায় অতিরিক্ত নিরাপত্তা ব্যবস্থা গ্রহণ করা হয়েছে।

রাজধানীসহ দেশের বিভিন্ন স্থানে টানা বৃষ্টিতে জনজীবন বিপর্যস্ত হয়ে পড়েছে। নিম্নাঞ্চল প্লাবিত হওয়ায় মানুষের দুর্ভোগ বেড়েছে। সংশ্লিষ্ট কর্তৃপক্ষ পরিস্থিতি মোকাবিলায় প্রয়োজনীয় ব্যবস্থা গ্রহণের কথা জানিয়েছে। স্থানীয় প্রশাসন ক্ষতিগ্রস্তদের সহায়তায় কাজ করছে। রাজধানীসহ দেশের বিভিন্ন স্থানে টানা বৃষ্টিতে জনজীবন বিপর্যস্ত হয়ে পড়েছে। নিম্নাঞ্চল প্লাবিত হওয়ায় মানুষের দুর্ভোগ বেড়েছে। সংশ্লিষ্ট কর্তৃপক্ষ পরিস্থিতি মোকাবিলায় প্রয়োজনীয় ব্যবস্থা গ্রহণের কথা জানিয়েছে। স্থানীয় প্রশাসন ক্ষতিগ্রস্তদের সহায়তায় কাজ করছে। রাজধানীসহ দেশের বিভিন্ন স্থানে টানা বৃষ্টিতে জনজীবন বিপর্যস্ত হয়ে পড়েছে। নিম্নাঞ্চল প্লাবিত হওয়ায় মানুষের দুর্ভোগ বেড়েছে। সংশ্লিষ্ট কর্তৃপক্ষ পরিস্থিতি মোকাবিলায় প্রয়োজনীয় ব্যবস্থা গ্রহণের কথা জানিয়েছে। স্থানীয় প্রশাসন ক্ষতিগ্রস্তদের সহায়তায় কাজ করছে।
বাগেরহাটে ১২০ টাকায়

বাগেরহাটে ১২০ টাকায় বিক্রি হচ্ছে বলে জানিয়েছেন স্থানীয় ব্যবসায়ীরা।

রাজধানীসহ দেশের বিভিন্ন স্থানে টানা বৃষ্টিতে জনজীবন বিপর্যস্ত হয়ে পড়েছে। নিম্নাঞ্চল প্লাবিত হওয়ায় মানুষের দুর্ভোগ বেড়েছে। সংশ্লিষ্ট কর্তৃপক্ষ পরিস্থিতি মোকাবিলায় প্রয়োজনীয় ব্যবস্থা গ্রহণের কথা জানিয়েছে। স্থানীয় প্রশাসন ক্ষতিগ্রস্তদের সহায়তায় কাজ করছে। রাজধানীসহ দেশের বিভিন্ন স্থানে টানা বৃষ্টিতে জনজীবন বিপর্যস্ত হয়ে পড়েছে। নিম্নাঞ্চল প্লাবিত হওয়ায় মানুষের দুর্ভোগ বেড়েছে। সংশ্লিষ্ট কর্তৃপক্ষ পরিস্থিতি মোকাবিলায় প্রয়োজনীয় ব্যবস্থা গ্রহণের কথা জানিয়েছে। স্থানীয় প্রশাসন ক্ষতিগ্রস্তদের সহায়তায় কাজ করছে। রাজধানীসহ দেশের বিভিন্ন স্থানে টানা বৃষ্টিতে জনজীবন বিপর্যস্ত হয়ে পড়েছে। নিম্নাঞ্চল প্লাবিত হওয়ায় মানুষের দুর্ভোগ বেড়েছে। সংশ্লিষ্ট কর্তৃপক্ষ পরিস্থিতি মোকাবিলায় প্রয়োজনীয় ব্যবস্থা গ্রহণের কথা জানিয়েছে। স্থানীয় প্রশাসন ক্ষতিগ্রস্তদের সহায়তায় কাজ করছে।
'পাকিস্তানকে চার টুকরো করতে

পাকিস্তানকে চার টুকরো করতে বাংলাদেশ প্রস্তুত বলে মন্তব্য করেছেন সাবেক কর্মকর্তা।

রাজধানীসহ দেশের বিভিন্ন স্থানে টানা বৃষ্টিতে জনজীবন বিপর্যস্ত হয়ে পড়েছে। নিম্নাঞ্চল প্লাবিত হওয়ায় মানুষের দুর্ভোগ বেড়েছে। সংশ্লিষ্ট কর্তৃপক্ষ পরিস্থিতি মোকাবিলায় প্রয়োজনীয় ব্যবস্থা গ্রহণের কথা জানিয়েছে। স্থানীয় প্রশাসন ক্ষতিগ্রস্তদের সহায়তায় কাজ করছে। রাজধানীসহ দেশের বিভিন্ন স্থানে টানা বৃষ্টিতে জনজীবন বিপর্যস্ত হয়ে পড়েছে। নিম্নাঞ্চল প্লাবিত হওয়ায় মানুষের দুর্ভোগ বেড়েছে। সংশ্লিষ্ট কর্তৃপক্ষ পরিস্থিতি মোকাবিলায় প্রয়োজনীয় ব্যবস্থা গ্রহণের কথা জানিয়েছে। স্থানীয় প্রশাসন ক্ষতিগ্রস্তদের সহায়তায় কাজ করছে। রাজধানীসহ দেশের বিভিন্ন স্থানে টানা বৃষ্টিতে জনজীবন বিপর্যস্ত হয়ে পড়েছে। নিম্নাঞ্চল প্লাবিত হওয়ায় মানুষের দুর্ভোগ বেড়েছে। সংশ্লিষ্ট কর্তৃপক্ষ পরিস্থিতি মোকাবিলায় প্রয়োজনীয় ব্যবস্থা গ্রহণের কথা জানিয়েছে। স্থানীয় প্রশাসন ক্ষতিগ্রস্তদের সহায়তায় কাজ করছে। রাজধানীসহ দেশের বিভিন্ন স্থানে টানা বৃষ্টিতে জনজীবন বিপর্যস্ত হয়ে পড়েছে। নিম্নাঞ্চল প্লাবিত হওয়ায় মানুষের দুর্ভোগ বেড়েছে। সংশ্লিষ্ট কর্তৃপক্ষ পরিস্থিতি মোকাবিলায় প্রয়োজনীয় ব্যবস্থা গ্রহণের কথা জানিয়েছে। স্থানীয় প্রশাসন ক্ষতিগ্রস্তদের সহায়তায় কাজ করছে। রাজধানীসহ দেশের বিভিন্ন স্থানে টানা বৃষ্টিতে জনজীবন বিপর্যস্ত হয়ে পড়েছে। নিম্নাঞ্চল প্লাবিত হওয়ায় মানুষের দুর্ভোগ বেড়েছে। সংশ্লিষ্ট কর্তৃপক্ষ পরিস্থিতি মোকাবিলায় প্রয়োজনীয় ব্যবস্থা গ্রহণের কথা জানিয়েছে। স্থানীয় প্রশাসন ক্ষতিগ্রস্তদের সহায়তায় কাজ করছে। রাজধানীসহ দেশের বিভিন্ন স্থানে টানা বৃষ্টিতে জনজীবন বিপর্যস্ত হয়ে পড়েছে। নিম্নাঞ্চল প্লাবিত হওয়ায় মানুষের দুর্ভোগ বেড়েছে। সংশ্লিষ্ট কর্তৃপক্ষ পরিস্থিতি মোকাবিলায় প্রয়োজনীয় ব্যবস্থা গ্রহণের কথা জানিয়েছে। স্থানীয় প্রশাসন ক্ষতিগ্রস্তদের সহায়তায় কাজ করছে। রাজধানীসহ দেশের বিভিন্ন স্থানে টানা বৃষ্টিতে জনজীবন বিপর্যস্ত হয়ে পড়েছে। নিম্নাঞ্চল প্লাবিত হওয়ায় মানুষের দুর্ভোগ বেড়েছে। সংশ্লিষ্ট কর্তৃপক্ষ পরিস্থিতি মোকাবিলায় প্রয়োজনীয় ব্যবস্থা গ্রহণের কথা জানিয়েছে। স্থানীয় প্রশাসন ক্ষতিগ্রস্তদের সহায়তায় কাজ করছে। রাজধানীসহ দেশের বিভিন্ন স্থানে টানা বৃষ্টিতে জনজীবন বিপর্যস্ত হয়ে পড়েছে। নিম্নাঞ্চল প্লাবিত হওয়ায় মানুষের দুর্ভোগ বেড়েছে। সংশ্লিষ্ট কর্তৃপক্ষ পরিস্থিতি মোকাবিলায় প্রয়োজনীয় ব্যবস্থা গ্রহণের কথা জানিয়েছে। স্থানীয় প্রশাসন ক্ষতিগ্রস্তদের সহায়তায় কাজ করছে।
দিল্লির কোনো প্রেসক্রিপশন

দিল্লির কোনো প্রেসক্রিপশন মেনে নেওয়া হবে না বলে জানিয়েছেন নেতারা।

রাজধানীসহ দেশের বিভিন্ন স্থানে টানা বৃষ্টিতে জনজীবন বিপর্যস্ত হয়ে পড়েছে। নিম্নাঞ্চল প্লাবিত হওয়ায় মানুষের দুর্ভোগ বেড়েছে। সংশ্লিষ্ট কর্তৃপক্ষ পরিস্থিতি মোকাবিলায় প্রয়োজনীয় ব্যবস্থা গ্রহণের কথা জানিয়েছে। স্থানীয় প্রশাসন ক্ষতিগ্রস্তদের সহায়তায় কাজ করছে। রাজধানীসহ দেশের বিভিন্ন স্থানে টানা বৃষ্টিতে জনজীবন বিপর্যস্ত হয়ে পড়েছে। নিম্নাঞ্চল প্লাবিত হওয়ায় মানুষের দুর্ভোগ বেড়েছে। সংশ্লিষ্ট কর্তৃপক্ষ পরিস্থিতি মোকাবিলায় প্রয়োজনীয় ব্যবস্থা গ্রহণের কথা জানিয়েছে। স্থানীয় প্রশাসন ক্ষতিগ্রস্তদের সহায়তায় কাজ করছে। রাজধানীসহ দেশের বিভিন্ন স্থানে টানা বৃষ্টিতে জনজীবন বিপর্যস্ত হয়ে পড়েছে। নিম্নাঞ্চল প্লাবিত হওয়ায় মানুষের দুর্ভোগ বেড়েছে। সংশ্লিষ্ট কর্তৃপক্ষ পরিস্থিতি মোকাবিলায় প্রয়োজনীয় ব্যবস্থা গ্রহণের কথা জানিয়েছে। স্থানীয় প্রশাসন ক্ষতিগ্রস্তদের সহায়তায় কাজ করছে। রাজধানীসহ দেশের বিভিন্ন স্থানে টানা বৃষ্টিতে জনজীবন বিপর্যস্ত হয়ে পড়েছে। নিম্নাঞ্চল প্লাবিত হওয়ায় মানুষের দুর্ভোগ বেড়েছে। সংশ্লিষ্ট কর্তৃপক্ষ পরিস্থিতি মোকাবিলায় প্রয়োজনীয় ব্যবস্থা গ্রহণের কথা জানিয়েছে। স্থানীয় প্রশাসন ক্ষতিগ্রস্তদের সহায়তায় কাজ করছে। রাজধানীসহ দেশের বিভিন্ন স্থানে টানা বৃষ্টিতে জনজীবন বিপর্যস্ত হয়ে পড়েছে। নিম্নাঞ্চল প্লাবিত হওয়ায় মানুষের দুর্ভোগ বেড়েছে। সংশ্লিষ্ট কর্তৃপক্ষ পরিস্থিতি মোকাবিলায় প্রয়োজনীয় ব্যবস্থা গ্রহণের কথা জানিয়েছে। স্থানীয় প্রশাসন ক্ষতিগ্রস্তদের সহায়তায় কাজ করছে। রাজধানীসহ দেশের বিভিন্ন স্থানে টানা বৃষ্টিতে জনজীবন বিপর্যস্ত হয়ে পড়েছে। নিম্নাঞ্চল প্লাবিত হওয়ায় মানুষের দুর্ভোগ বেড়েছে। সংশ্লিষ্ট কর্তৃপক্ষ পরিস্থিতি মোকাবিলায় প্রয়োজনীয় ব্যবস্থা গ্রহণের কথা জানিয়েছে। স্থানীয় প্রশাসন ক্ষতিগ্রস্তদের সহায়তায় কাজ করছে।
ট্রাম্পের শুল্কনীতি আটকে

যুক্তরাষ্ট্রের আদালত ট্রাম্পের শুল্কনীতি আটকে দিয়েছে।

রাজধানীসহ দেশের বিভিন্ন স্থানে টানা বৃষ্টিতে জনজীবন বিপর্যস্ত হয়ে পড়েছে। নিম্নাঞ্চল প্লাবিত হওয়ায় মানুষের দুর্ভোগ বেড়েছে। সংশ্লিষ্ট কর্তৃপক্ষ পরিস্থিতি মোকাবিলায় প্রয়োজনীয় ব্যবস্থা গ্রহণের কথা জানিয়েছে। স্থানীয় প্রশাসন ক্ষতিগ্রস্তদের সহায়তায় কাজ করছে। রাজধানীসহ দেশের বিভিন্ন স্থানে টানা বৃষ্টিতে জনজীবন বিপর্যস্ত হয়ে পড়েছে। নিম্নাঞ্চল প্লাবিত হওয়ায় মানুষের দুর্ভোগ বেড়েছে। সংশ্লিষ্ট কর্তৃপক্ষ পরিস্থিতি মোকাবিলায় প্রয়োজনীয় ব্যবস্থা গ্রহণের কথা জানিয়েছে। স্থানীয় প্রশাসন ক্ষতিগ্রস্তদের সহায়তায় কাজ করছে। রাজধানীসহ দেশের বিভিন্ন স্থানে টানা বৃষ্টিতে জনজীবন বিপর্যস্ত হয়ে পড়েছে। নিম্নাঞ্চল প্লাবিত হওয়ায় মানুষের দুর্ভোগ বেড়েছে। সংশ্লিষ্ট কর্তৃপক্ষ পরিস্থিতি মোকাবিলায় প্রয়োজনীয় ব্যবস্থা গ্রহণের কথা জানিয়েছে। স্থানীয় প্রশাসন ক্ষতিগ্রস্তদের সহায়তায় কাজ করছে। রাজধানীসহ দেশের বিভিন্ন স্থানে টানা বৃষ্টিতে জনজীবন বিপর্যস্ত হয়ে পড়েছে। নিম্নাঞ্চল প্লাবিত হওয়ায় মানুষের দুর্ভোগ বেড়েছে। সংশ্লিষ্ট কর্তৃপক্ষ পরিস্থিতি মোকাবিলায় প্রয়োজনীয় ব্যবস্থা গ্রহণের কথা জানিয়েছে। স্থানীয় প্রশাসন ক্ষতিগ্রস্তদের সহায়তায় কাজ করছে। রাজধানীসহ দেশের বিভিন্ন স্থানে টানা বৃষ্টিতে জনজীবন বিপর্যস্ত হয়ে পড়েছে। নিম্নাঞ্চল প্লাবিত হওয়ায় মানুষের দুর্ভোগ বেড়েছে। সংশ্লিষ্ট কর্তৃপক্ষ পরিস্থিতি মোকাবিলায় প্রয়োজনীয় ব্যবস্থা গ্রহণের কথা জানিয়েছে। স্থানীয় প্রশাসন ক্ষতিগ্রস্তদের সহায়তায় কাজ করছে। রাজধানীসহ দেশের বিভিন্ন স্থানে টানা বৃষ্টিতে জনজীবন বিপর্যস্ত হয়ে পড়েছে। নিম্নাঞ্চল প্লাবিত হওয়ায় মানুষের দুর্ভোগ বেড়েছে। সংশ্লিষ্ট কর্তৃপক্ষ পরিস্থিতি মোকাবিলায় প্রয়োজনীয় ব্যবস্থা গ্রহণের কথা জানিয়েছে। স্থানীয় প্রশাসন ক্ষতিগ্রস্তদের সহায়তায় কাজ করছে। রাজধানীসহ দেশের বিভিন্ন স্থানে টানা বৃষ্টিতে জনজীবন বিপর্যস্ত হয়ে পড়েছে। নিম্নাঞ্চল প্লাবিত হওয়ায় মানুষের দুর্ভোগ বেড়েছে। সংশ্লিষ্ট কর্তৃপক্ষ পরিস্থিতি মোকাবিলায় প্রয়োজনীয় ব্যবস্থা গ্রহণের কথা জানিয়েছে। স্থানীয় প্রশাসন ক্ষতিগ্রস্তদের সহায়তায় কাজ করছে। রাজধানীসহ দেশের বিভিন্ন স্থানে টানা বৃষ্টিতে জনজীবন বিপর্যস্ত হয়ে পড়েছে। নিম্নাঞ্চল প্লাবিত হওয়ায় মানুষের দুর্ভোগ বেড়েছে। সংশ্লিষ্ট কর্তৃপক্ষ পরিস্থিতি মোকাবিলায় প্রয়োজনীয় ব্যবস্থা গ্রহণের কথা জানিয়েছে। স্থানীয় প্রশাসন ক্ষতিগ্রস্তদের সহায়তায় কাজ করছে। রাজধানীসহ দেশের বিভিন্ন স্থানে টানা বৃষ্টিতে জনজীবন বিপর্যস্ত হয়ে পড়েছে। নিম্নাঞ্চল প্লাবিত হওয়ায় মানুষের দুর্ভোগ বেড়েছে। সংশ্লিষ্ট কর্তৃপক্ষ পরিস্থিতি মোকাবিলায় প্রয়োজনীয় ব্যবস্থা গ্রহণের কথা জানিয়েছে। স্থানীয় প্রশাসন ক্ষতিগ্রস্তদের সহায়তায় কাজ করছে। রাজধানীসহ দেশের বিভিন্ন স্থানে টানা বৃষ্টিতে জনজীবন বিপর্যস্ত হয়ে পড়েছে। নিম্নাঞ্চল প্লাবিত হওয়ায় মানুষের দুর্ভোগ বেড়েছে। সংশ্লিষ্ট কর্তৃপক্ষ পরিস্থিতি মোকাবিলায় প্রয়োজনীয় ব্যবস্থা গ্রহণের কথা জানিয়েছে। স্থানীয় প্রশাসন ক্ষতিগ্রস্তদের সহায়তায় কাজ করছে। রাজধানীসহ দেশের বিভিন্ন স্থানে টানা বৃষ্টিতে জনজীবন বিপর্যস্ত হয়ে পড়েছে। নিম্নাঞ্চল প্লাবিত হওয়ায় মানুষের দুর্ভোগ বেড়েছে। সংশ্লিষ্ট কর্তৃপক্ষ পরিস্থিতি মোকাবিলায় প্রয়োজনীয় ব্যবস্থা গ্রহণের কথা জানিয়েছে। স্থানীয় প্রশাসন ক্ষতিগ্রস্তদের সহায়তায় কাজ করছে। রাজধানীসহ দেশের বিভিন্ন স্থানে টানা বৃষ্টিতে জনজীবন বিপর্যস্ত হয়ে পড়েছে। নিম্নাঞ্চল প্লাবিত হওয়ায় মানুষের দুর্ভোগ বেড়েছে। সংশ্লিষ্ট কর্তৃপক্ষ পরিস্থিতি মোকাবিলায় প্রয়োজনীয় ব্যবস্থা গ্রহণের কথা জানিয়েছে। স্থানীয় প্রশাসন ক্ষতিগ্রস্তদের সহায়তায় কাজ করছে।
ছয় মাসে ৭৭০ জনকে

ছয় মাসে ৭৭০ জনকে ফেরত পাঠানো হয়েছে বলে জানিয়েছে কর্তৃপক্ষ।

রাজধানীসহ দেশের বিভিন্ন স্থানে টানা বৃষ্টিতে জনজীবন বিপর্যস্ত হয়ে পড়েছে। নিম্নাঞ্চল প্লাবিত হওয়ায় মানুষের দুর্ভোগ বেড়েছে। সংশ্লিষ্ট কর্তৃপক্ষ পরিস্থিতি মোকাবিলায় প্রয়োজনীয় ব্যবস্থা গ্রহণের কথা জানিয়েছে। স্থানীয় প্রশাসন ক্ষতিগ্রস্তদের সহায়তায় কাজ করছে। রাজধানীসহ দেশের বিভিন্ন স্থানে টানা বৃষ্টিতে জনজীবন বিপর্যস্ত হয়ে পড়েছে। নিম্নাঞ্চল প্লাবিত হওয়ায় মানুষের দুর্ভোগ বেড়েছে। সংশ্লিষ্ট কর্তৃপক্ষ পরিস্থিতি মোকাবিলায় প্রয়োজনীয় ব্যবস্থা গ্রহণের কথা জানিয়েছে। স্থানীয় প্রশাসন ক্ষতিগ্রস্তদের সহায়তায় কাজ করছে। রাজধানীসহ দেশের বিভিন্ন স্থানে টানা বৃষ্টিতে জনজীবন বিপর্যস্ত হয়ে পড়েছে। নিম্নাঞ্চল প্লাবিত হওয়ায় মানুষের দুর্ভোগ বেড়েছে। সংশ্লিষ্ট কর্তৃপক্ষ পরিস্থিতি মোকাবিলায় প্রয়োজনীয় ব্যবস্থা গ্রহণের কথা জানিয়েছে। স্থানীয় প্রশাসন ক্ষতিগ্রস্তদের সহায়তায় কাজ করছে। রাজধানীসহ দেশের বিভিন্ন স্থানে টানা বৃষ্টিতে জনজীবন বিপর্যস্ত হয়ে পড়েছে। নিম্নাঞ্চল প্লাবিত হওয়ায় মানুষের দুর্ভোগ বেড়েছে। সংশ্লিষ্ট কর্তৃপক্ষ পরিস্থিতি মোকাবিলায় প্রয়োজনীয় ব্যবস্থা গ্রহণের কথা জানিয়েছে। স্থানীয় প্রশাসন ক্ষতিগ্রস্তদের সহায়তায় কাজ করছে। রাজধানীসহ দেশের বিভিন্ন স্থানে টানা বৃষ্টিতে জনজীবন বিপর্যস্ত হয়ে পড়েছে। নিম্নাঞ্চল প্লাবিত হওয়ায় মানুষের দুর্ভোগ বেড়েছে। সংশ্লিষ্ট কর্তৃপক্ষ পরিস্থিতি মোকাবিলায় প্রয়োজনীয় ব্যবস্থা গ্রহণের কথা জানিয়েছে। স্থানীয় প্রশাসন ক্ষতিগ্রস্তদের সহায়তায় কাজ করছে। রাজধানীসহ দেশের বিভিন্ন স্থানে টানা বৃষ্টিতে জনজীবন বিপর্যস্ত হয়ে পড়েছে। নিম্নাঞ্চল প্লাবিত হওয়ায় মানুষের দুর্ভোগ বেড়েছে। সংশ্লিষ্ট কর্তৃপক্ষ পরিস্থিতি মোকাবিলায় প্রয়োজনীয় ব্যবস্থা গ্রহণের কথা জানিয়েছে। স্থানীয় প্রশাসন ক্ষতিগ্রস্তদের সহায়তায় কাজ করছে। রাজধানীসহ দেশের বিভিন্ন স্থানে টানা বৃষ্টিতে জনজীবন বিপর্যস্ত হয়ে পড়েছে। নিম্নাঞ্চল প্লাবিত হওয়ায় মানুষের দুর্ভোগ বেড়েছে। সংশ্লিষ্ট কর্তৃপক্ষ পরিস্থিতি মোকাবিলায় প্রয়োজনীয় ব্যবস্থা গ্রহণের কথা জানিয়েছে। স্থানীয় প্রশাসন ক্ষতিগ্রস্তদের সহায়তায় কাজ করছে। রাজধানীসহ দেশের বিভিন্ন স্থানে টানা বৃষ্টিতে জনজীবন বিপর্যস্ত হয়ে পড়েছে। নিম্নাঞ্চল প্লাবিত হওয়ায় মানুষের দুর্ভোগ বেড়েছে। সংশ্লিষ্ট কর্তৃপক্ষ পরিস্থিতি মোকাবিলায় প্রয়োজনীয় ব্যবস্থা গ্রহণের কথা জানিয়েছে। স্থানীয় প্রশাসন ক্ষতিগ্রস্তদের সহায়তায় কাজ করছে। রাজধানীসহ দেশের বিভিন্ন স্থানে টানা বৃষ্টিতে জনজীবন বিপর্যস্ত হয়ে পড়েছে। নিম্নাঞ্চল প্লাবিত হওয়ায় মানুষের দুর্ভোগ বেড়েছে। সংশ্লিষ্ট কর্তৃপক্ষ পরিস্থিতি মোকাবিলায় প্রয়োজনীয় ব্যবস্থা গ্রহণের কথা জানিয়েছে। স্থানীয় প্রশাসন ক্ষতিগ্রস্তদের সহায়তায় কাজ করছে। রাজধানীসহ দেশের বিভিন্ন স্থানে টানা বৃষ্টিতে জনজীবন বিপর্যস্ত হয়ে পড়েছে। নিম্নাঞ্চল প্লাবিত হওয়ায় মানুষের দুর্ভোগ বেড়েছে। সংশ্লিষ্ট কর্তৃপক্ষ পরিস্থিতি মোকাবিলায় প্রয়োজনীয় ব্যবস্থা গ্রহণের কথা জানিয়েছে। স্থানীয় প্রশাসন ক্ষতিগ্রস্তদের সহায়তায় কাজ করছে। রাজধানীসহ দেশের বিভিন্ন স্থানে টানা বৃষ্টিতে জনজীবন বিপর্যস্ত হয়ে পড়েছে। নিম্নাঞ্চল প্লাবিত হওয়ায় মানুষের দুর্ভোগ বেড়েছে। সংশ্লিষ্ট কর্তৃপক্ষ পরিস্থিতি মোকাবিলায় প্রয়োজনীয় ব্যবস্থা গ্রহণের কথা জানিয়েছে। স্থানীয় প্রশাসন ক্ষতিগ্রস্তদের সহায়তায় কাজ করছে। রাজধানীসহ দেশের বিভিন্ন স্থানে টানা বৃষ্টিতে জনজীবন বিপর্যস্ত হয়ে পড়েছে। নিম্নাঞ্চল প্লাবিত হওয়ায় মানুষের দুর্ভোগ বেড়েছে। সংশ্লিষ্ট কর্তৃপক্ষ পরিস্থিতি মোকাবিলায় প্রয়োজনীয় ব্যবস্থা গ্রহণের কথা জানিয়েছে। স্থানীয় প্রশাসন ক্ষতিগ্রস্তদের সহায়তায় কাজ করছে। রাজধানীসহ দেশের বিভিন্ন স্থানে টানা বৃষ্টিতে জনজীবন বিপর্যস্ত হয়ে পড়েছে। নিম্নাঞ্চল প্লাবিত হওয়ায় মানুষের দুর্ভোগ বেড়েছে। সংশ্লিষ্ট কর্তৃপক্ষ পরিস্থিতি মোকাবিলায় প্রয়োজনীয় ব্যবস্থা গ্রহণের কথা জানিয়েছে। স্থানীয় প্রশাসন ক্ষতিগ্রস্তদের সহায়তায় কাজ করছে। রাজধানীসহ দেশের বিভিন্ন স্থানে টানা বৃষ্টিতে জনজীবন বিপর্যস্ত হয়ে পড়েছে। নিম্নাঞ্চল প্লাবিত হওয়ায় মানুষের দুর্ভোগ বেড়েছে। সংশ্লিষ্ট কর্তৃপক্ষ পরিস্থিতি মোকাবিলায় প্রয়োজনীয় ব্যবস্থা গ্রহণের কথা জানিয়েছে। স্থানীয় প্রশাসন ক্ষতিগ্রস্তদের সহায়তায় কাজ করছে। রাজধানীসহ দেশের বিভিন্ন স্থানে টানা বৃষ্টিতে জনজীবন বিপর্যস্ত হয়ে পড়েছে। নিম্নাঞ্চল প্লাবিত হওয়ায় মানুষের দুর্ভোগ বেড়েছে। সংশ্লিষ্ট কর্তৃপক্ষ পরিস্থিতি মোকাবিলায় প্রয়োজনীয় ব্যবস্থা গ্রহণের কথা জানিয়েছে। স্থানীয় প্রশাসন ক্ষতিগ্রস্তদের সহায়তায় কাজ করছে। রাজধানীসহ দেশের বিভিন্ন স্থানে টানা বৃষ্টিতে জনজীবন বিপর্যস্ত হয়ে পড়েছে। নিম্নাঞ্চল প্লাবিত হওয়ায় মানুষের দুর্ভোগ বেড়েছে। সংশ্লিষ্ট কর্তৃপক্ষ পরিস্থিতি মোকাবিলায় প্রয়োজনীয় ব্যবস্থা গ্রহণের কথা জানিয়েছে। স্থানীয় প্রশাসন ক্ষতিগ্রস্তদের সহায়তায় কাজ করছে। রাজধানীসহ দেশের বিভিন্ন স্থানে টানা বৃষ্টিতে জনজীবন বিপর্যস্ত হয়ে পড়েছে। নিম্নাঞ্চল প্লাবিত হওয়ায় মানুষের দুর্ভোগ বেড়েছে। সংশ্লিষ্ট কর্তৃপক্ষ পরিস্থিতি মোকাবিলায় প্রয়োজনীয় ব্যবস্থা গ্রহণের কথা জানিয়েছে। স্থানীয় প্রশাসন ক্ষতিগ্রস্তদের সহায়তায় কাজ করছে। রাজধানীসহ দেশের বিভিন্ন স্থানে টানা বৃষ্টিতে জনজীবন বিপর্যস্ত হয়ে পড়েছে। নিম্নাঞ্চল প্লাবিত হওয়ায় মানুষের দুর্ভোগ বেড়েছে। সংশ্লিষ্ট কর্তৃপক্ষ পরিস্থিতি মোকাবিলায় প্রয়োজনীয় ব্যবস্থা গ্রহণের কথা জানিয়েছে। স্থানীয় প্রশাসন ক্ষতিগ্রস্তদের সহায়তায় কাজ করছে। রাজধানীসহ দেশের বিভিন্ন স্থানে টানা বৃষ্টিতে জনজীবন বিপর্যস্ত হয়ে পড়েছে। নিম্নাঞ্চল প্লাবিত হওয়ায় মানুষের দুর্ভোগ বেড়েছে। সংশ্লিষ্ট কর্তৃপক্ষ পরিস্থিতি মোকাবিলায় প্রয়োজনীয় ব্যবস্থা গ্রহণের কথা জানিয়েছে। স্থানীয় প্রশাসন ক্ষতিগ্রস্তদের সহায়তায় কাজ করছে। রাজধানীসহ দেশের বিভিন্ন স্থানে টানা বৃষ্টিতে জনজীবন বিপর্যস্ত হয়ে পড়েছে। নিম্নাঞ্চল প্লাবিত হওয়ায় মানুষের দুর্ভোগ বেড়েছে। সংশ্লিষ্ট কর্তৃপক্ষ পরিস্থিতি মোকাবিলায় প্রয়োজনীয় ব্যবস্থা গ্রহণের কথা জানিয়েছে। স্থানীয় প্রশাসন ক্ষতিগ্রস্তদের সহায়তায় কাজ করছে।
